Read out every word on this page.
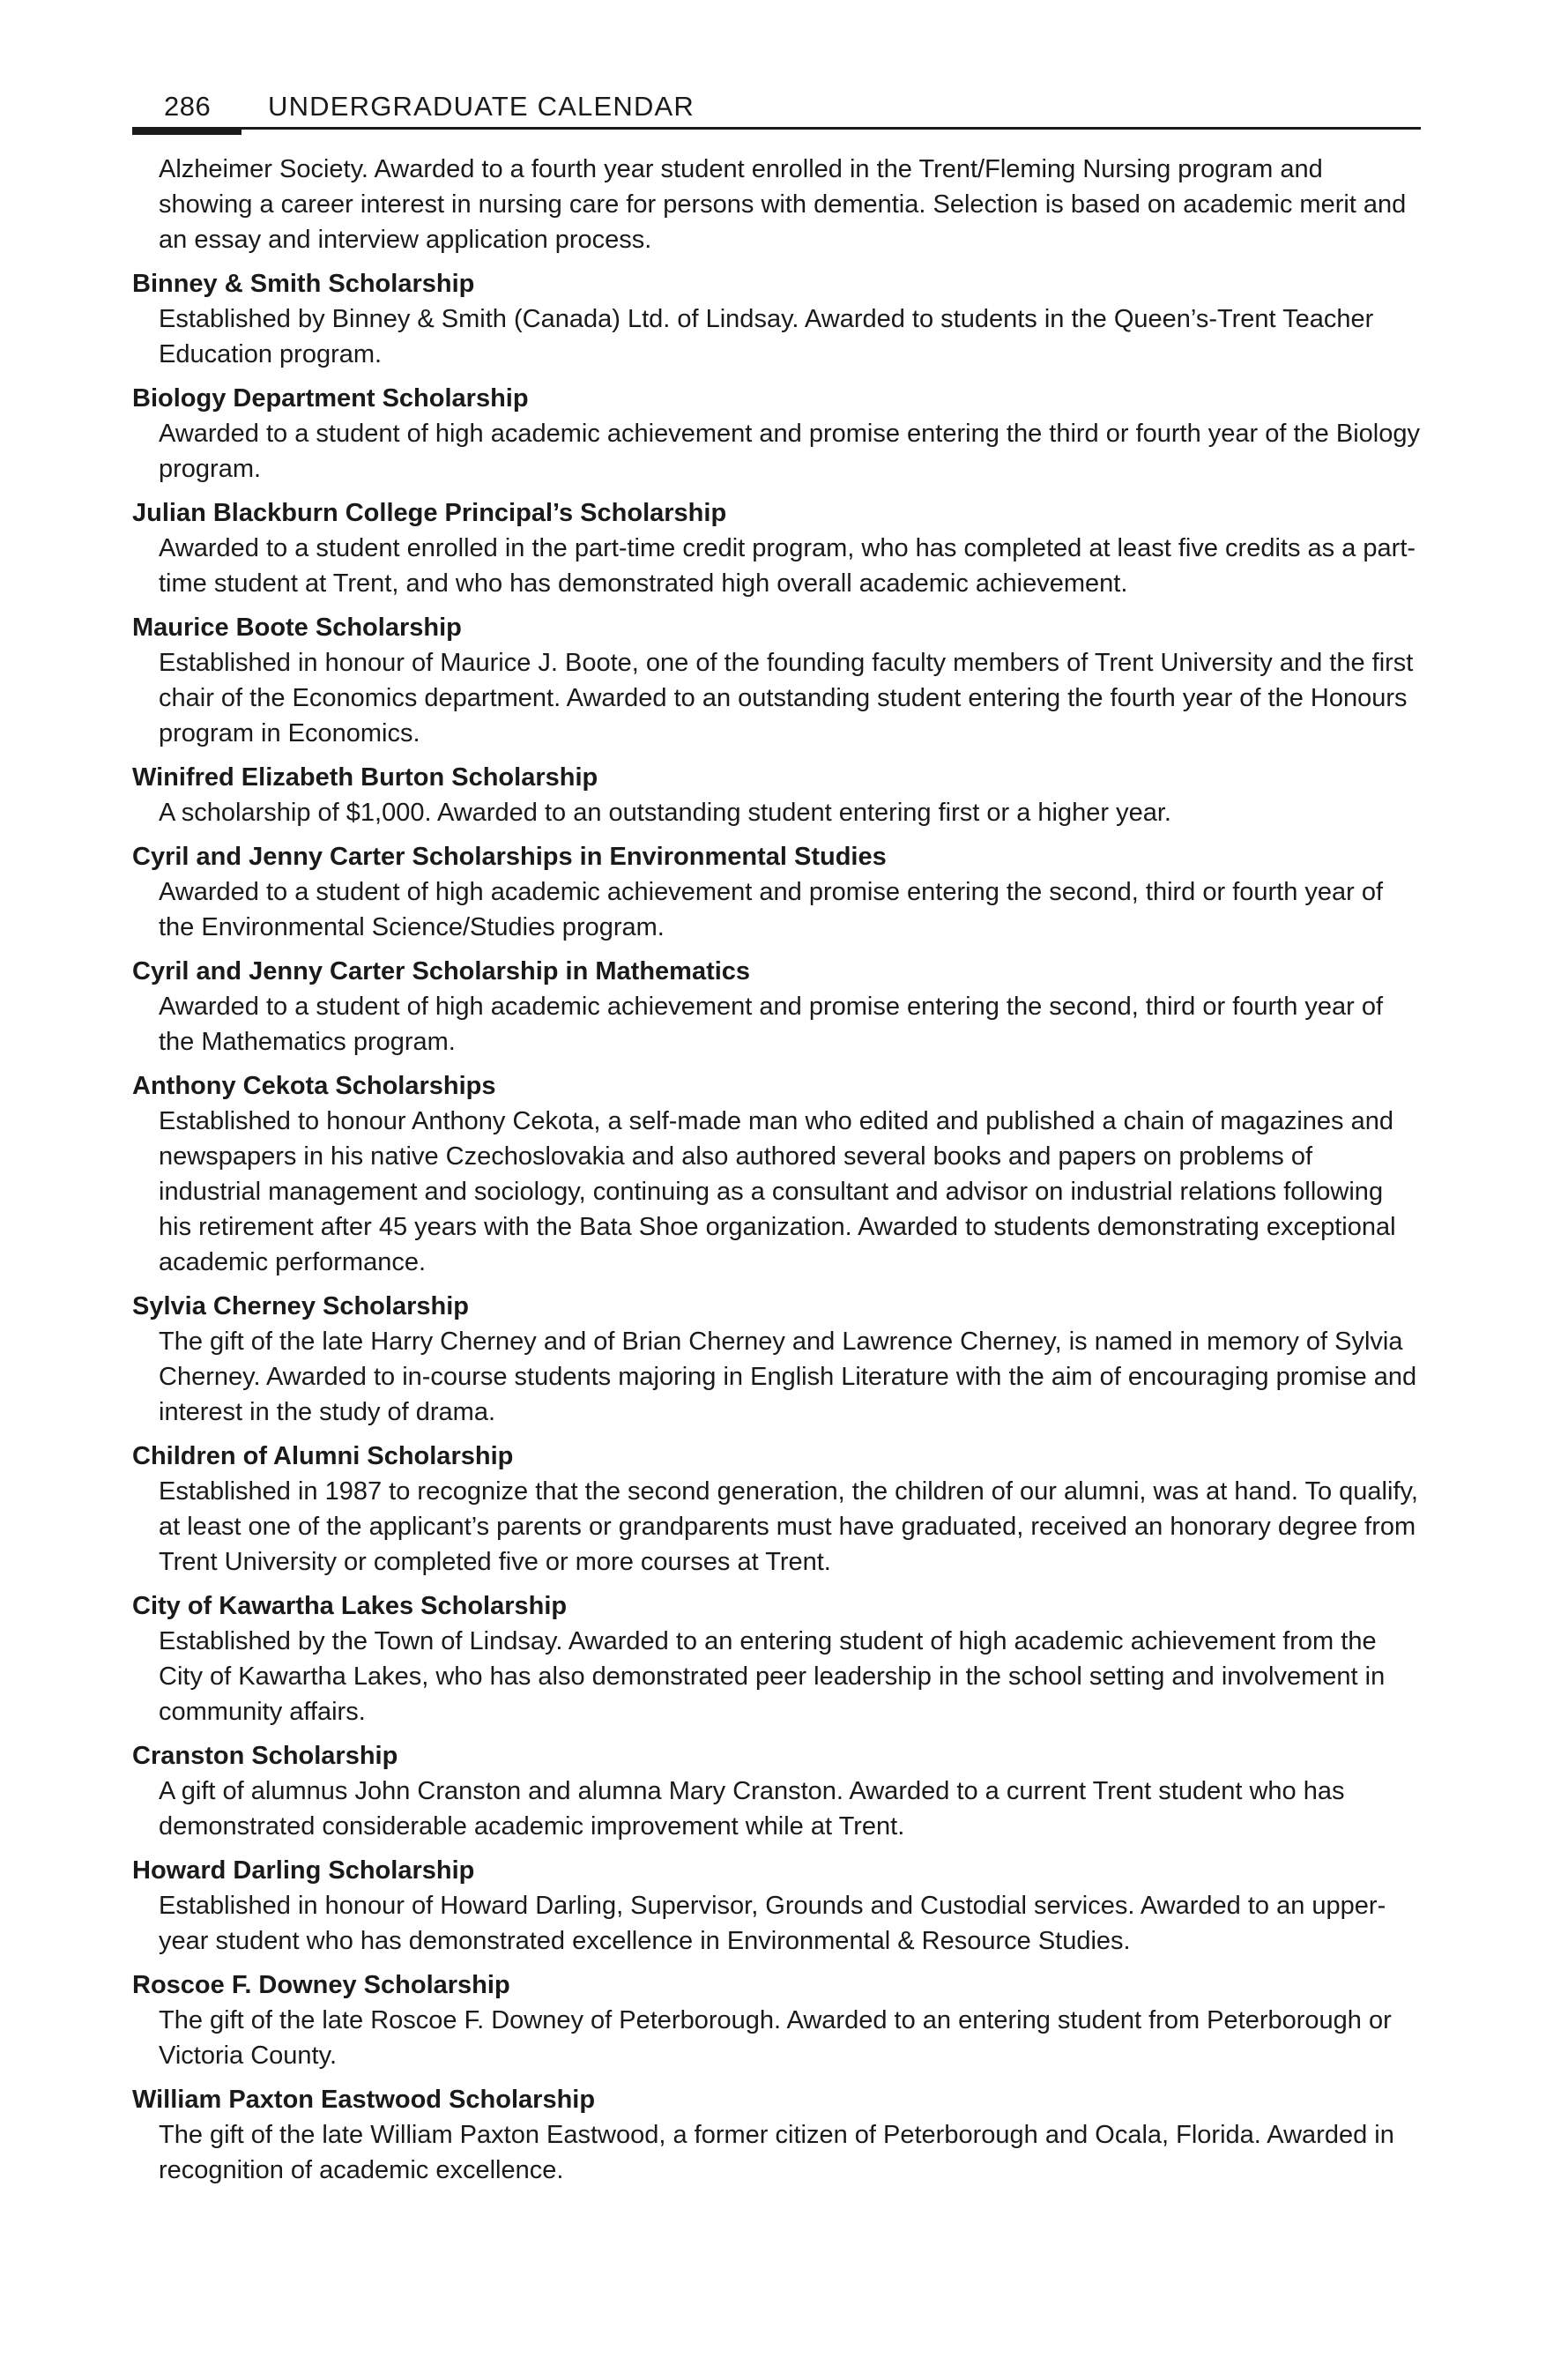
286	UNDERGRADUATE CALENDAR

Alzheimer Society. Awarded to a fourth year student enrolled in the Trent/Fleming Nursing program and showing a career interest in nursing care for persons with dementia. Selection is based on academic merit and an essay and interview application process.

Binney & Smith Scholarship

Established by Binney & Smith (Canada) Ltd. of Lindsay. Awarded to students in the Queen’s-Trent Teacher Education program.

Biology Department Scholarship

Awarded to a student of high academic achievement and promise entering the third or fourth year of the Biology program.

Julian Blackburn College Principal’s Scholarship

Awarded to a student enrolled in the part-time credit program, who has completed at least five credits as a part-time student at Trent, and who has demonstrated high overall academic achievement.

Maurice Boote Scholarship

Established in honour of Maurice J. Boote, one of the founding faculty members of Trent University and the first chair of the Economics department. Awarded to an outstanding student entering the fourth year of the Honours program in Economics.

Winifred Elizabeth Burton Scholarship

A scholarship of $1,000. Awarded to an outstanding student entering first or a higher year.

Cyril and Jenny Carter Scholarships in Environmental Studies

Awarded to a student of high academic achievement and promise entering the second, third or fourth year of the Environmental Science/Studies program.

Cyril and Jenny Carter Scholarship in Mathematics

Awarded to a student of high academic achievement and promise entering the second, third or fourth year of the Mathematics program.

Anthony Cekota Scholarships

Established to honour Anthony Cekota, a self-made man who edited and published a chain of magazines and newspapers in his native Czechoslovakia and also authored several books and papers on problems of industrial management and sociology, continuing as a consultant and advisor on industrial relations following his retirement after 45 years with the Bata Shoe organization. Awarded to students demonstrating exceptional academic performance.

Sylvia Cherney Scholarship

The gift of the late Harry Cherney and of Brian Cherney and Lawrence Cherney, is named in memory of Sylvia Cherney. Awarded to in-course students majoring in English Literature with the aim of encouraging promise and interest in the study of drama.

Children of Alumni Scholarship

Established in 1987 to recognize that the second generation, the children of our alumni, was at hand. To qualify, at least one of the applicant’s parents or grandparents must have graduated, received an honorary degree from Trent University or completed five or more courses at Trent.

City of Kawartha Lakes Scholarship

Established by the Town of Lindsay. Awarded to an entering student of high academic achievement from the City of Kawartha Lakes, who has also demonstrated peer leadership in the school setting and involvement in community affairs.

Cranston Scholarship

A gift of alumnus John Cranston and alumna Mary Cranston. Awarded to a current Trent student who has demonstrated considerable academic improvement while at Trent.

Howard Darling Scholarship

Established in honour of Howard Darling, Supervisor, Grounds and Custodial services. Awarded to an upper-year student who has demonstrated excellence in Environmental & Resource Studies.

Roscoe F. Downey Scholarship

The gift of the late Roscoe F. Downey of Peterborough. Awarded to an entering student from Peterborough or Victoria County.

William Paxton Eastwood Scholarship

The gift of the late William Paxton Eastwood, a former citizen of Peterborough and Ocala, Florida. Awarded in recognition of academic excellence.
